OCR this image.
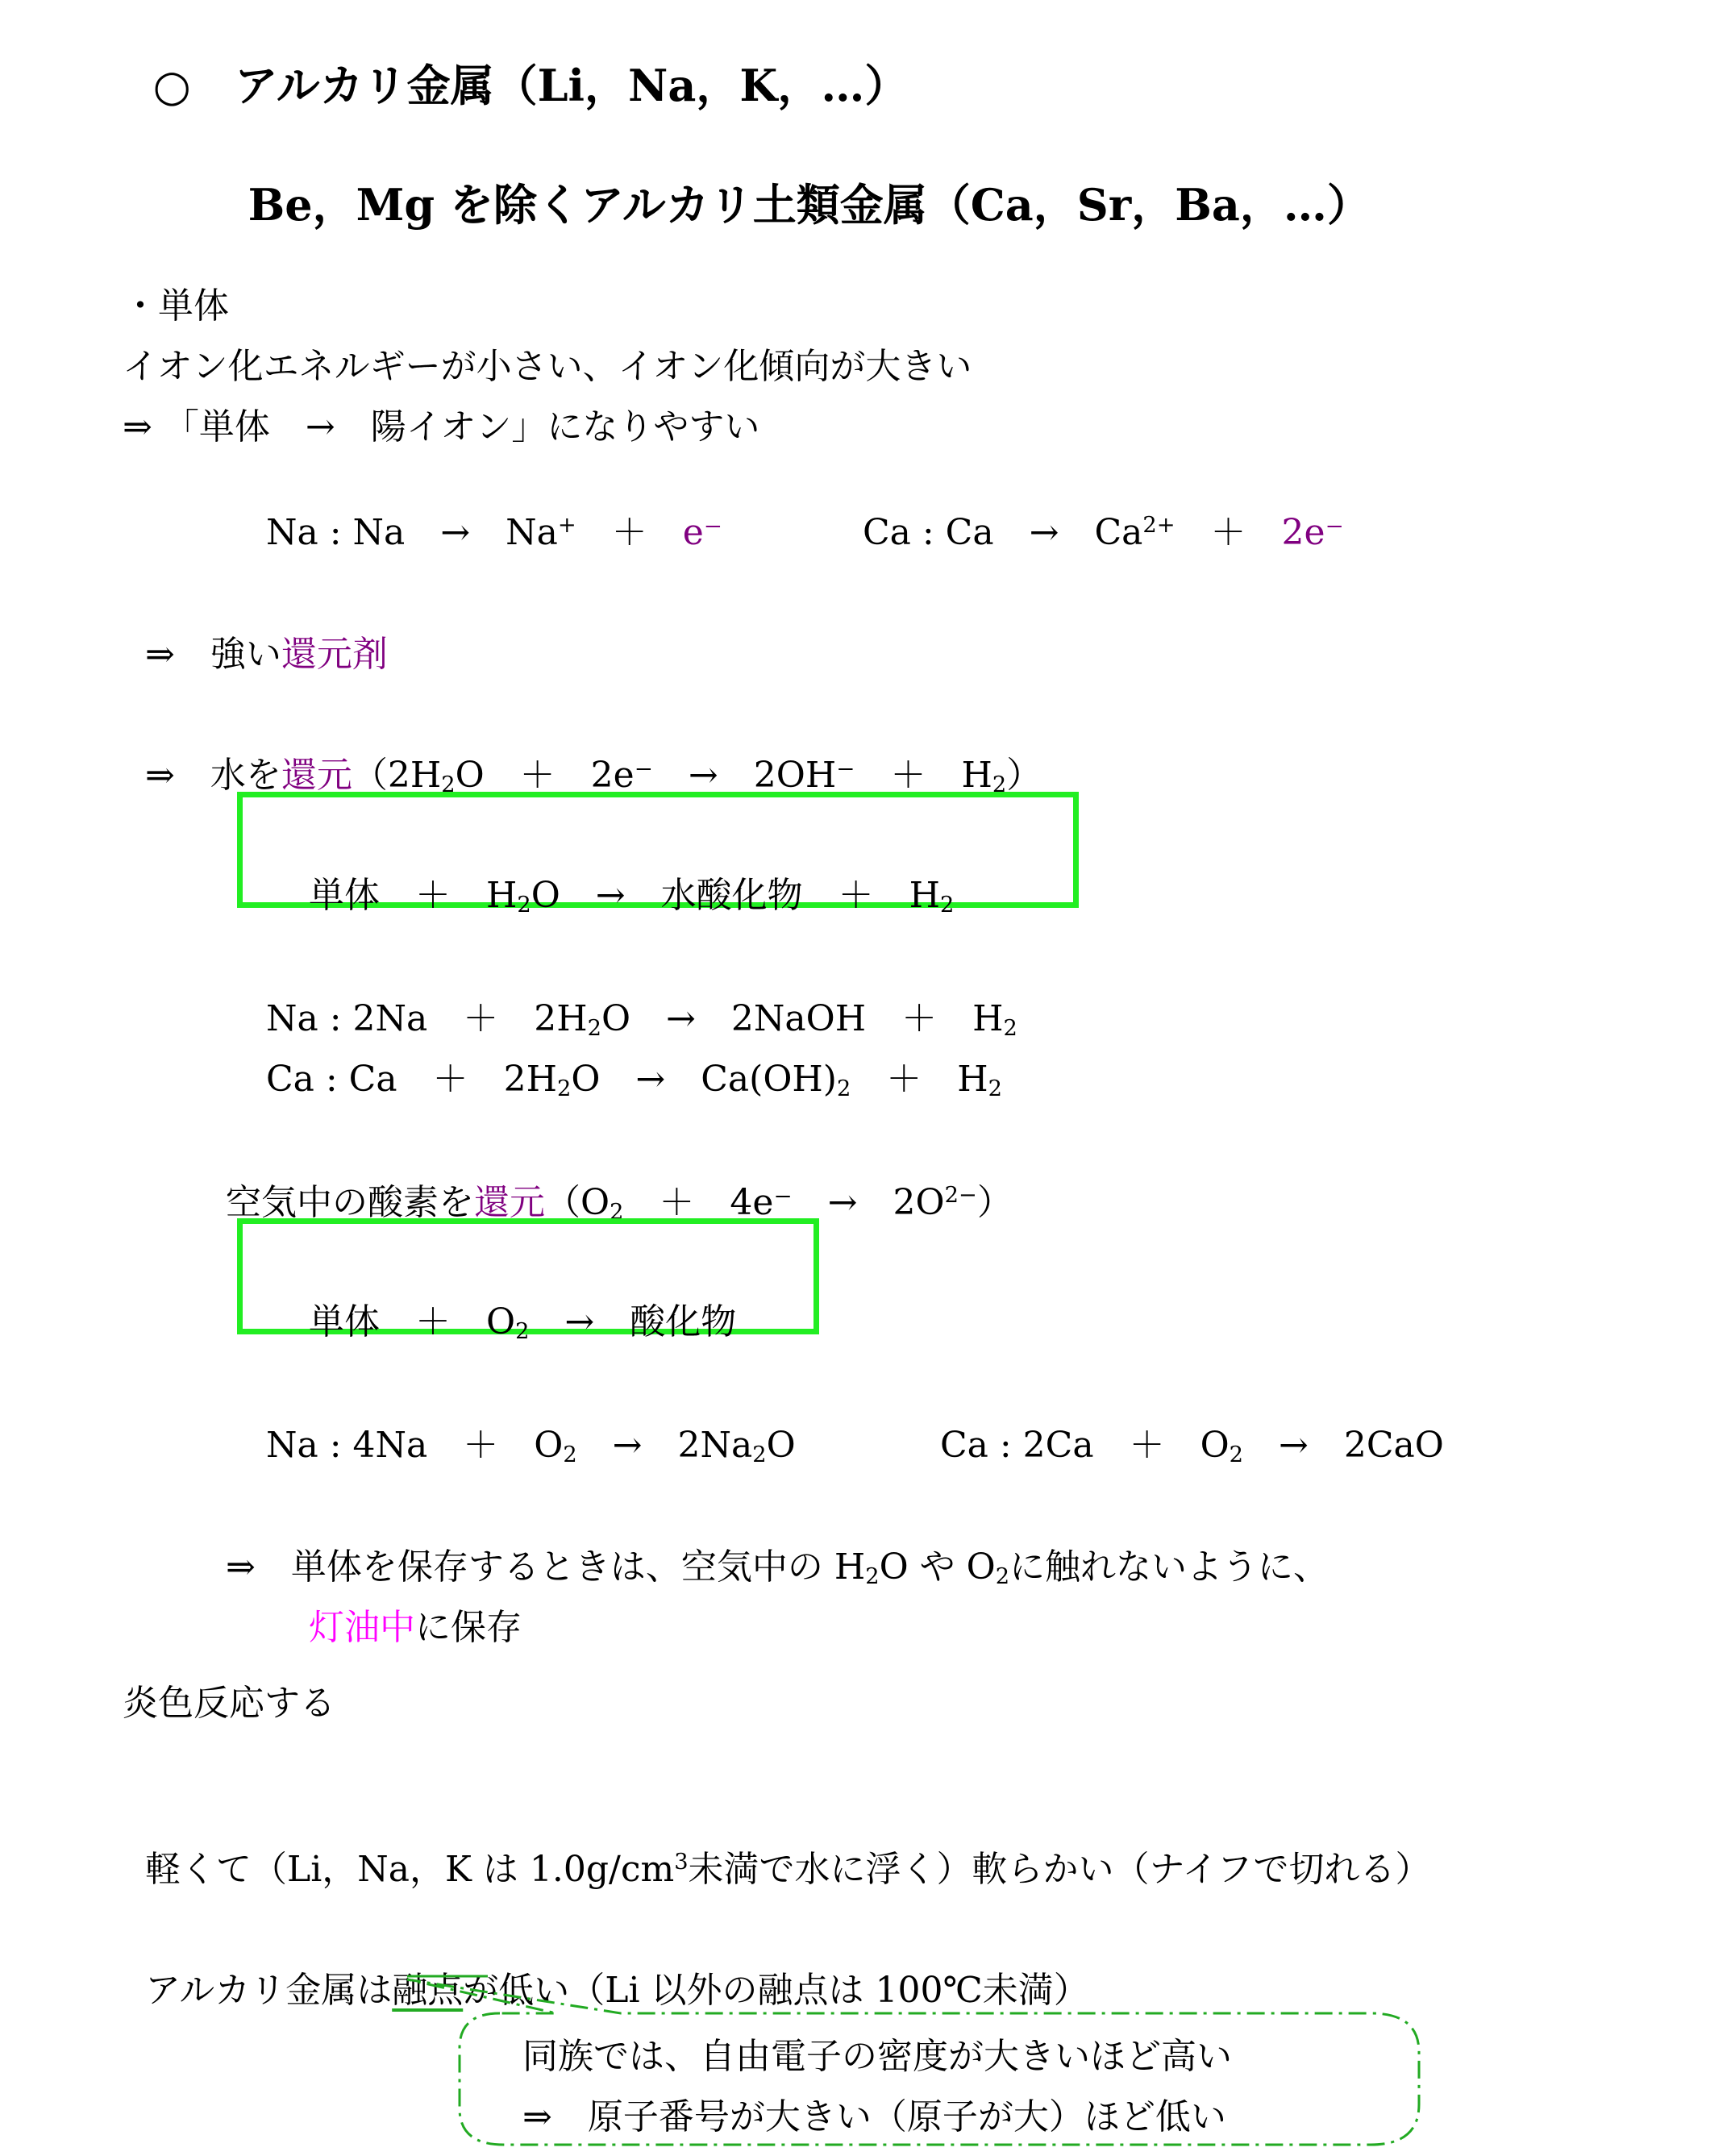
○　 アルカリ金属（Li，Na，K，…）

Be，Mg を除くアルカリ土類金属（Ca，Sr，Ba，…）

・単体
イオン化エネルギーが小さい、イオン化傾向が大きい
⇒ 「単体　→　陽イオン」になりやすい

Na : Na　→　Na+　＋　e⁻	Ca : Ca　→　$Ca^{2+}$　＋　2e⁻

⇒　強い還元剤

⇒　水を還元（$2H_2O$　＋　2e⁻　→　2OH⁻　＋　$H_2$）

単体　＋　$H_2O$　→　水酸化物　＋　$H_2$

Na : 2Na　＋　$2H_2O$　→　2NaOH　＋　$H_2$

Ca : Ca　＋　$2H_2O$　→　$Ca(OH)_2$　＋　$H_2$

空気中の酸素を還元（$O_2$　＋　4e⁻　→　$2O^{2-}$）

単体　＋　$O_2$　→　酸化物

Na : 4Na　＋　$O_2$　→　$2Na_2O$	Ca : 2Ca　＋　$O_2$　→　2CaO

⇒　単体を保存するときは、空気中の $H_2O$ や $O_2$に触れないように、

灯油中に保存

炎色反応する

軽くて（Li，Na，K は $1.0g/cm^3$未満で水に浮く）軟らかい（ナイフで切れる）

アルカリ金属は融点が低い（Li 以外の融点は 100℃未満）

同族では、自由電子の密度が大きいほど高い
⇒　原子番号が大きい（原子が大）ほど低い
